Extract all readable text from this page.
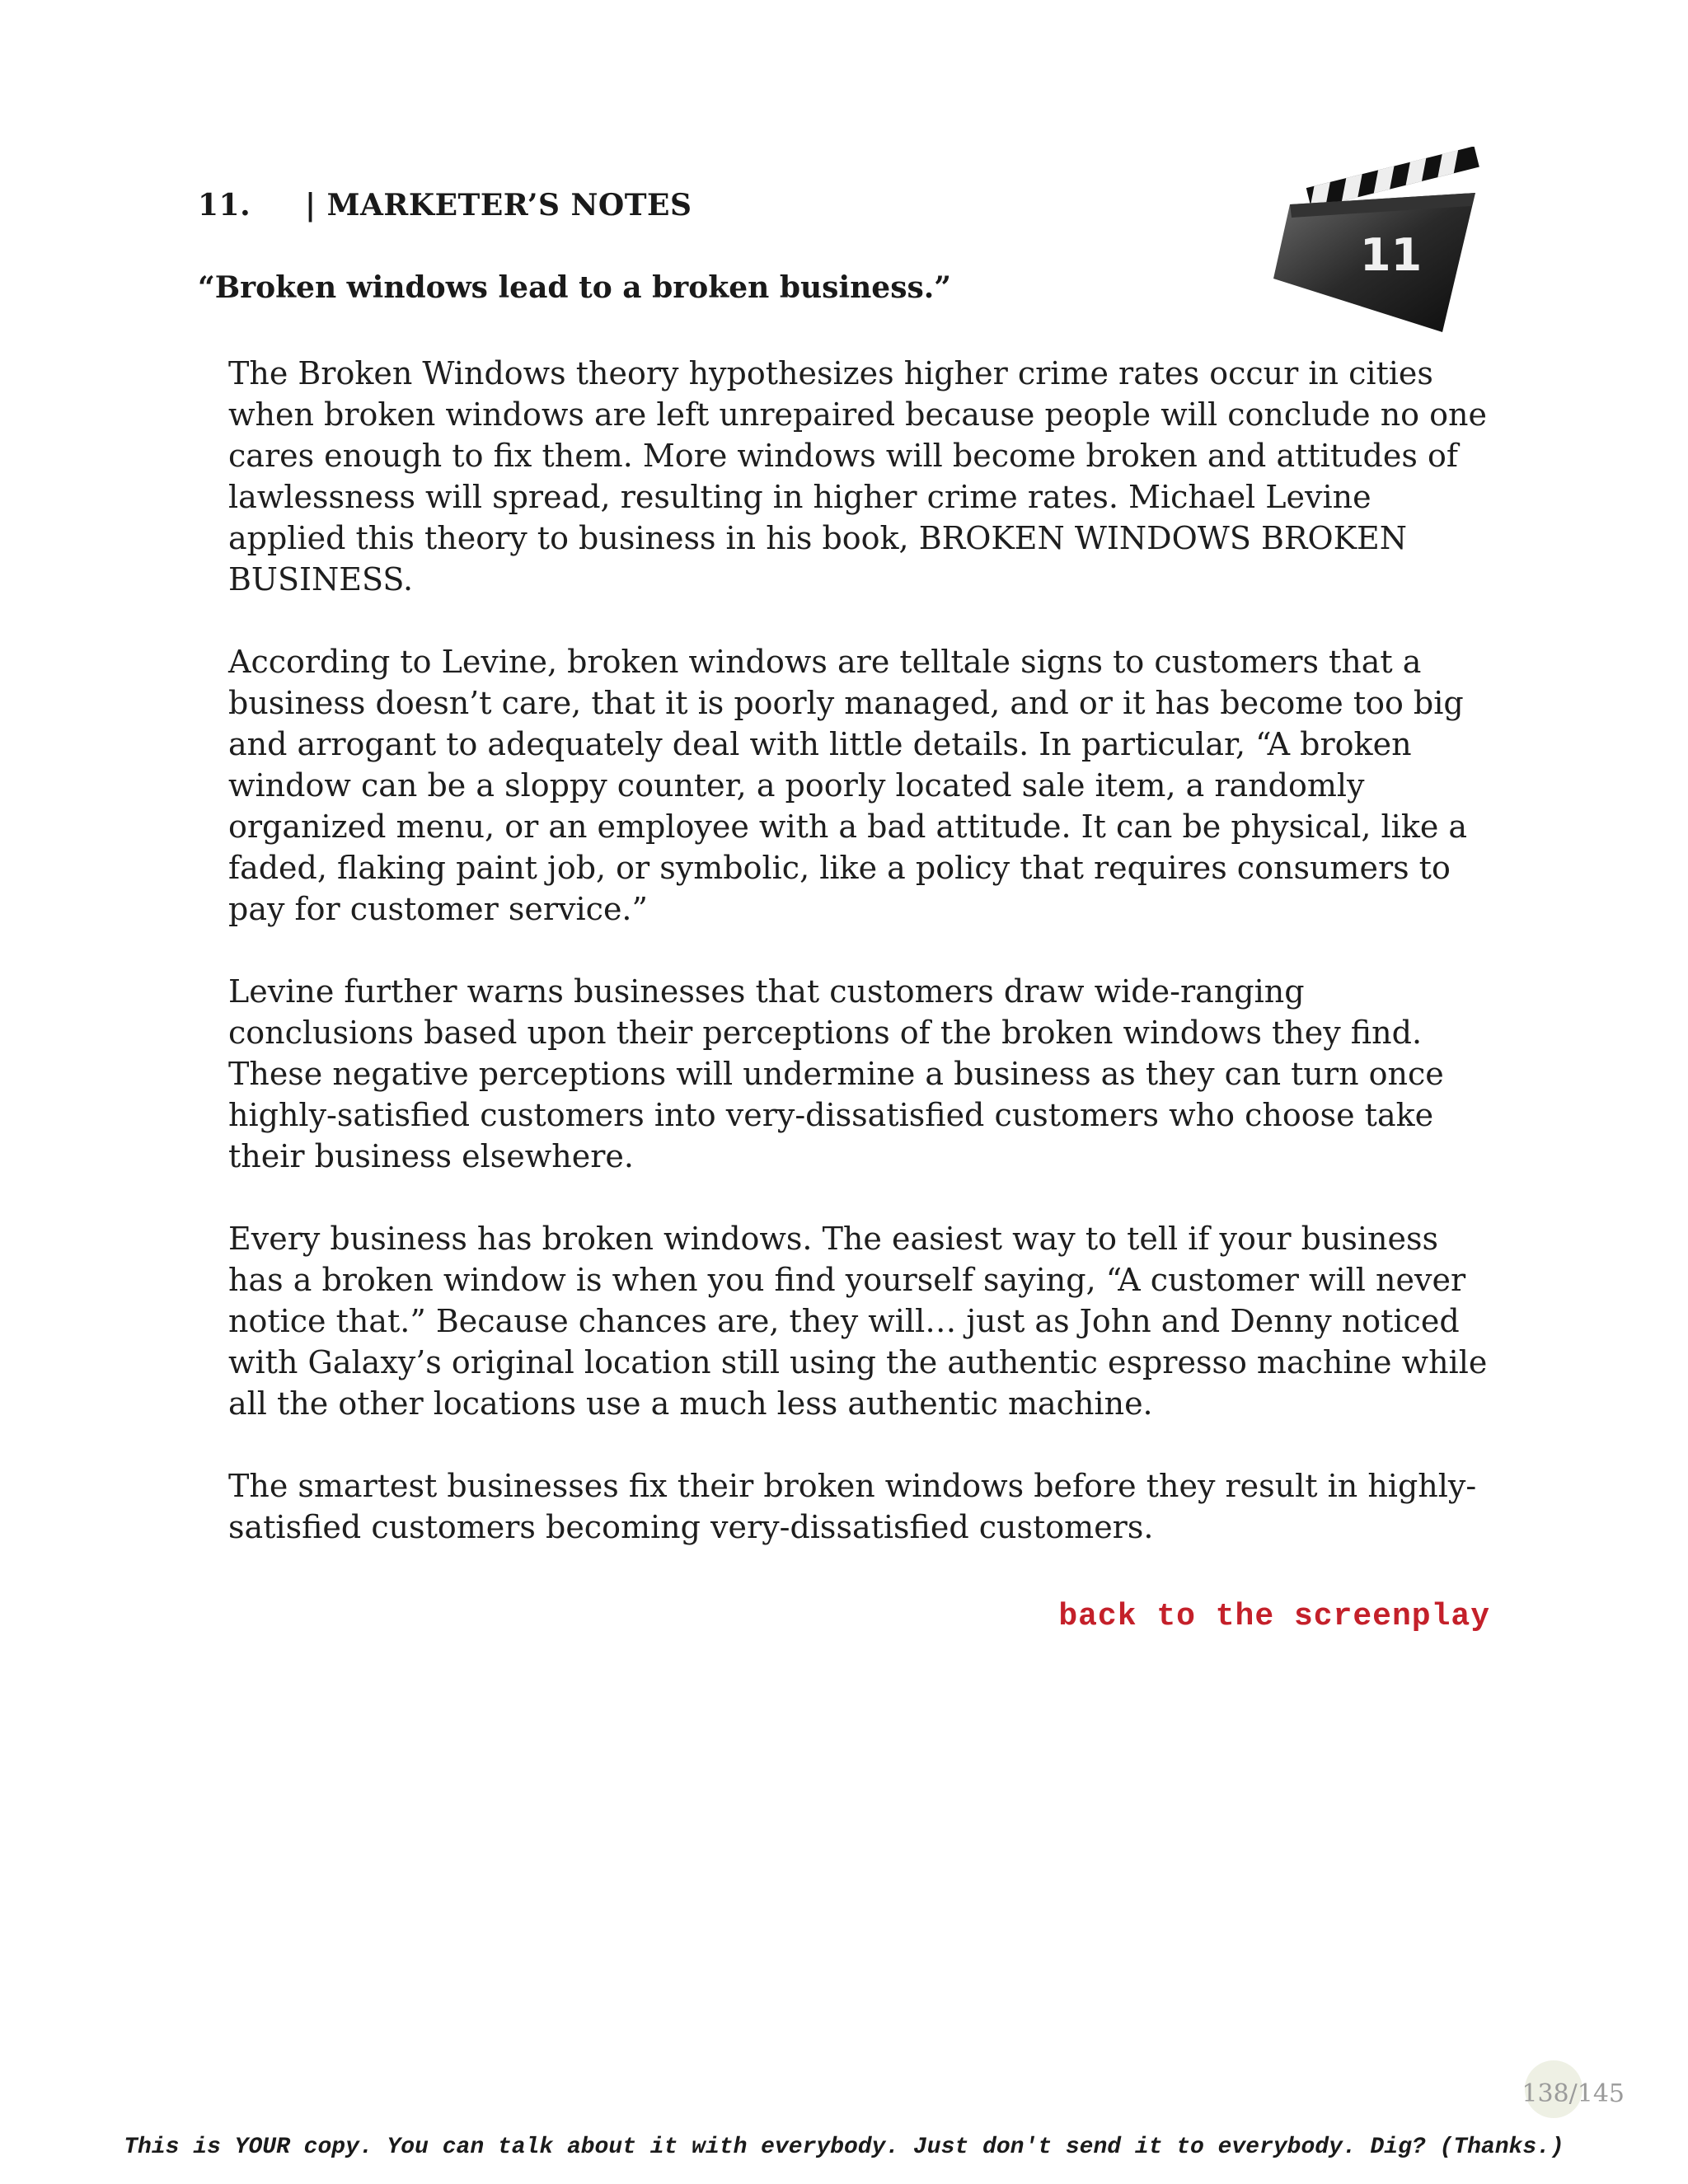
11. | MARKETER’S NOTES
11
“Broken windows lead to a broken business.”

The Broken Windows theory hypothesizes higher crime rates occur in cities when broken windows are left unrepaired because people will conclude no one cares enough to fix them. More windows will become broken and attitudes of lawlessness will spread, resulting in higher crime rates. Michael Levine applied this theory to business in his book, BROKEN WINDOWS BROKEN BUSINESS.

According to Levine, broken windows are telltale signs to customers that a business doesn’t care, that it is poorly managed, and or it has become too big and arrogant to adequately deal with little details. In particular, “A broken window can be a sloppy counter, a poorly located sale item, a randomly organized menu, or an employee with a bad attitude. It can be physical, like a faded, flaking paint job, or symbolic, like a policy that requires consumers to pay for customer service.”

Levine further warns businesses that customers draw wide-ranging conclusions based upon their perceptions of the broken windows they find. These negative perceptions will undermine a business as they can turn once highly-satisfied customers into very-dissatisfied customers who choose take their business elsewhere.

Every business has broken windows. The easiest way to tell if your business has a broken window is when you find yourself saying, “A customer will never notice that.” Because chances are, they will… just as John and Denny noticed with Galaxy’s original location still using the authentic espresso machine while all the other locations use a much less authentic machine.

The smartest businesses fix their broken windows before they result in highly-satisfied customers becoming very-dissatisfied customers.

back to the screenplay
138/145
This is YOUR copy. You can talk about it with everybody. Just don't send it to everybody. Dig? (Thanks.)
